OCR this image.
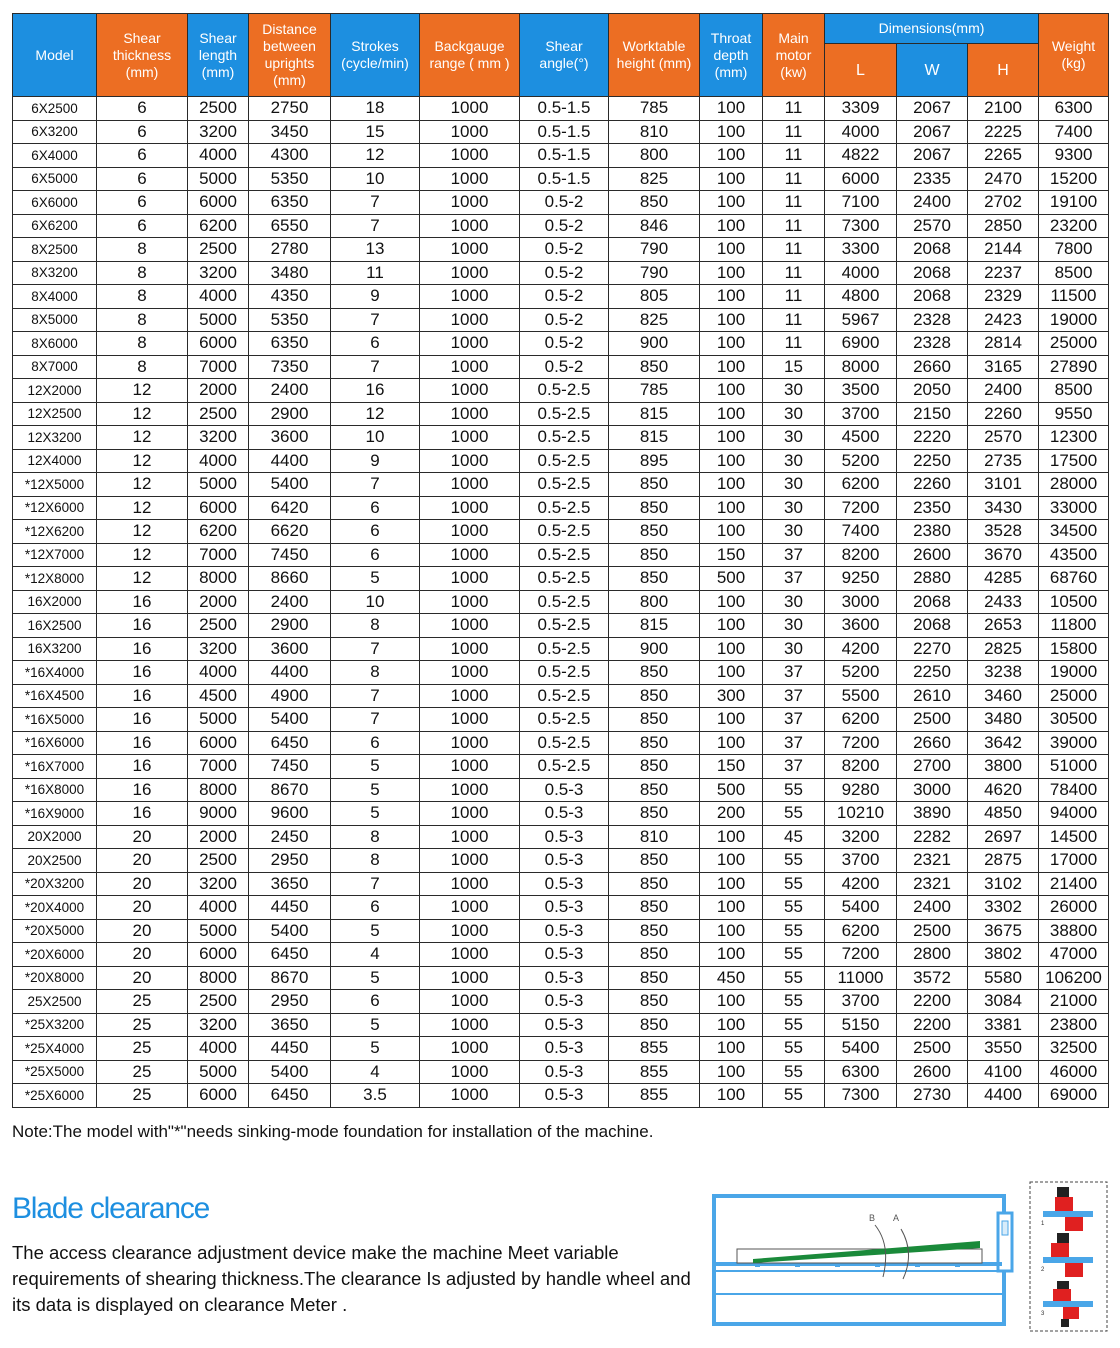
Model	Shear thickness (mm)	Shear length (mm)	Distance between uprights (mm)	Strokes (cycle/min)	Backgauge range ( mm )	Shear angle(°)	Worktable height (mm)	Throat depth (mm)	Main motor (kw)	Dimensions(mm)			Weight (kg)
										L	W	H	
6X2500	6	2500	2750	18	1000	0.5-1.5	785	100	11	3309	2067	2100	6300
6X3200	6	3200	3450	15	1000	0.5-1.5	810	100	11	4000	2067	2225	7400
6X4000	6	4000	4300	12	1000	0.5-1.5	800	100	11	4822	2067	2265	9300
6X5000	6	5000	5350	10	1000	0.5-1.5	825	100	11	6000	2335	2470	15200
6X6000	6	6000	6350	7	1000	0.5-2	850	100	11	7100	2400	2702	19100
6X6200	6	6200	6550	7	1000	0.5-2	846	100	11	7300	2570	2850	23200
8X2500	8	2500	2780	13	1000	0.5-2	790	100	11	3300	2068	2144	7800
8X3200	8	3200	3480	11	1000	0.5-2	790	100	11	4000	2068	2237	8500
8X4000	8	4000	4350	9	1000	0.5-2	805	100	11	4800	2068	2329	11500
8X5000	8	5000	5350	7	1000	0.5-2	825	100	11	5967	2328	2423	19000
8X6000	8	6000	6350	6	1000	0.5-2	900	100	11	6900	2328	2814	25000
8X7000	8	7000	7350	7	1000	0.5-2	850	100	15	8000	2660	3165	27890
12X2000	12	2000	2400	16	1000	0.5-2.5	785	100	30	3500	2050	2400	8500
12X2500	12	2500	2900	12	1000	0.5-2.5	815	100	30	3700	2150	2260	9550
12X3200	12	3200	3600	10	1000	0.5-2.5	815	100	30	4500	2220	2570	12300
12X4000	12	4000	4400	9	1000	0.5-2.5	895	100	30	5200	2250	2735	17500
*12X5000	12	5000	5400	7	1000	0.5-2.5	850	100	30	6200	2260	3101	28000
*12X6000	12	6000	6420	6	1000	0.5-2.5	850	100	30	7200	2350	3430	33000
*12X6200	12	6200	6620	6	1000	0.5-2.5	850	100	30	7400	2380	3528	34500
*12X7000	12	7000	7450	6	1000	0.5-2.5	850	150	37	8200	2600	3670	43500
*12X8000	12	8000	8660	5	1000	0.5-2.5	850	500	37	9250	2880	4285	68760
16X2000	16	2000	2400	10	1000	0.5-2.5	800	100	30	3000	2068	2433	10500
16X2500	16	2500	2900	8	1000	0.5-2.5	815	100	30	3600	2068	2653	11800
16X3200	16	3200	3600	7	1000	0.5-2.5	900	100	30	4200	2270	2825	15800
*16X4000	16	4000	4400	8	1000	0.5-2.5	850	100	37	5200	2250	3238	19000
*16X4500	16	4500	4900	7	1000	0.5-2.5	850	300	37	5500	2610	3460	25000
*16X5000	16	5000	5400	7	1000	0.5-2.5	850	100	37	6200	2500	3480	30500
*16X6000	16	6000	6450	6	1000	0.5-2.5	850	100	37	7200	2660	3642	39000
*16X7000	16	7000	7450	5	1000	0.5-2.5	850	150	37	8200	2700	3800	51000
*16X8000	16	8000	8670	5	1000	0.5-3	850	500	55	9280	3000	4620	78400
*16X9000	16	9000	9600	5	1000	0.5-3	850	200	55	10210	3890	4850	94000
20X2000	20	2000	2450	8	1000	0.5-3	810	100	45	3200	2282	2697	14500
20X2500	20	2500	2950	8	1000	0.5-3	850	100	55	3700	2321	2875	17000
*20X3200	20	3200	3650	7	1000	0.5-3	850	100	55	4200	2321	3102	21400
*20X4000	20	4000	4450	6	1000	0.5-3	850	100	55	5400	2400	3302	26000
*20X5000	20	5000	5400	5	1000	0.5-3	850	100	55	6200	2500	3675	38800
*20X6000	20	6000	6450	4	1000	0.5-3	850	100	55	7200	2800	3802	47000
*20X8000	20	8000	8670	5	1000	0.5-3	850	450	55	11000	3572	5580	106200
25X2500	25	2500	2950	6	1000	0.5-3	850	100	55	3700	2200	3084	21000
*25X3200	25	3200	3650	5	1000	0.5-3	850	100	55	5150	2200	3381	23800
*25X4000	25	4000	4450	5	1000	0.5-3	855	100	55	5400	2500	3550	32500
*25X5000	25	5000	5400	4	1000	0.5-3	855	100	55	6300	2600	4100	46000
*25X6000	25	6000	6450	3.5	1000	0.5-3	855	100	55	7300	2730	4400	69000
Note:The model with"*"needs sinking-mode foundation for installation of the machine.
Blade clearance
The access clearance adjustment device make the machine Meet variable requirements of shearing thickness.The clearance Is adjusted by handle wheel and its data is displayed on clearance Meter .
B A
1
2
3
